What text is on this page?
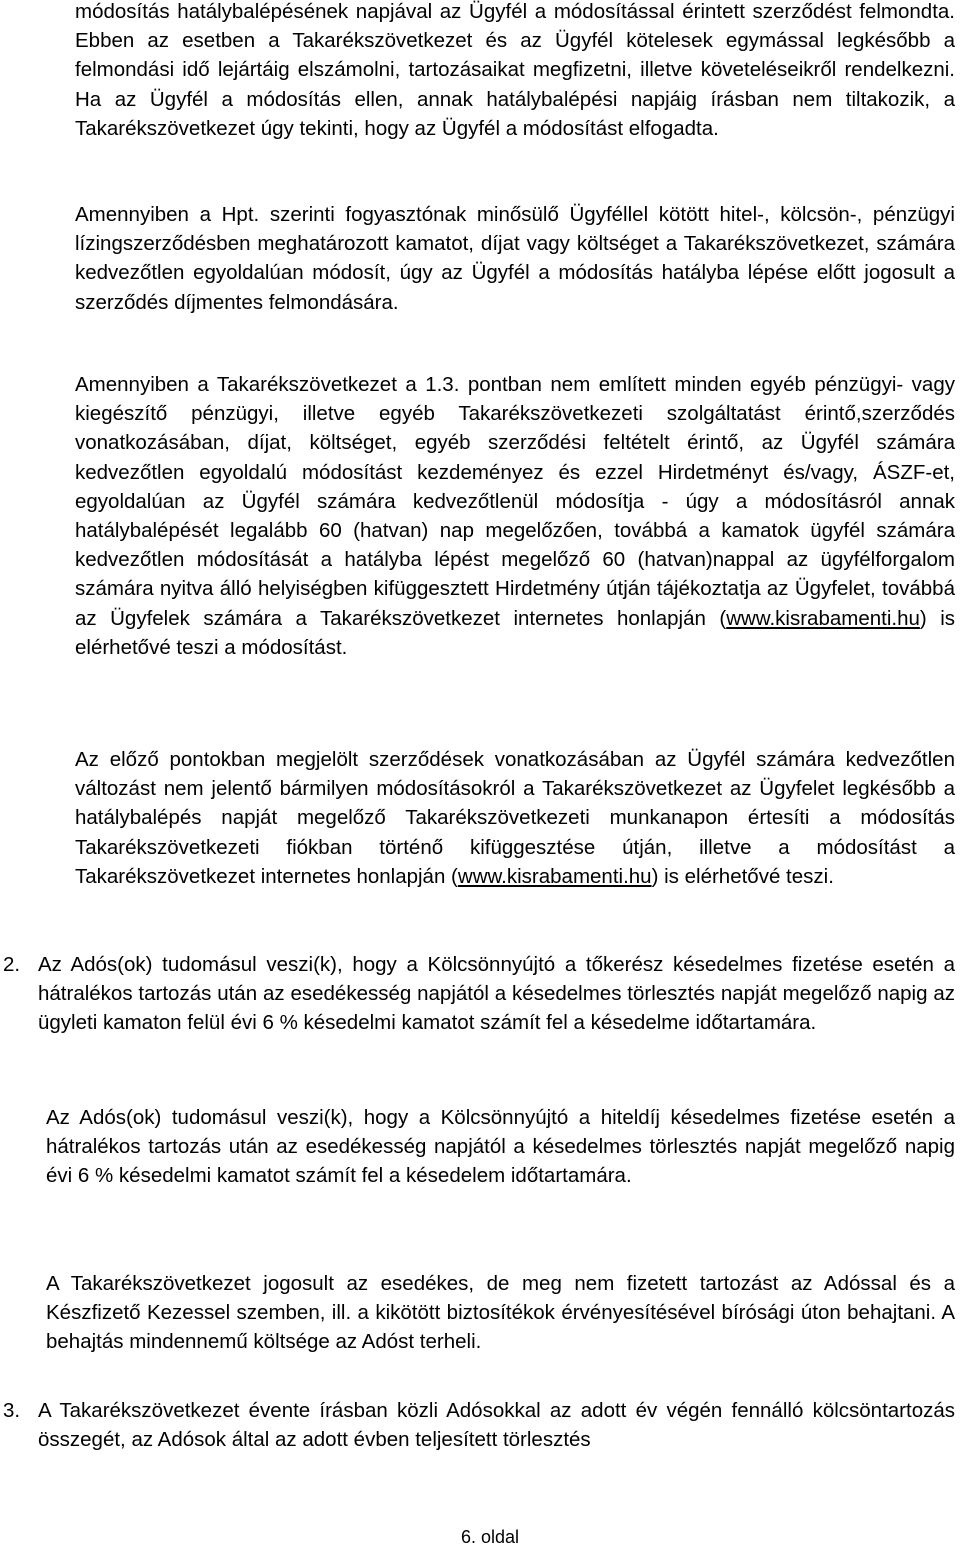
módosítás hatálybalépésének napjával az Ügyfél a módosítással érintett szerződést felmondta. Ebben az esetben a Takarékszövetkezet és az Ügyfél kötelesek egymással legkésőbb a felmondási idő lejártáig elszámolni, tartozásaikat megfizetni, illetve követeléseikről rendelkezni. Ha az Ügyfél a módosítás ellen, annak hatálybalépési napjáig írásban nem tiltakozik, a Takarékszövetkezet úgy tekinti, hogy az Ügyfél a módosítást elfogadta.

Amennyiben a Hpt. szerinti fogyasztónak minősülő Ügyféllel kötött hitel-, kölcsön-, pénzügyi lízingszerződésben meghatározott kamatot, díjat vagy költséget a Takarékszövetkezet, számára kedvezőtlen egyoldalúan módosít, úgy az Ügyfél a módosítás hatályba lépése előtt jogosult a szerződés díjmentes felmondására.

Amennyiben a Takarékszövetkezet a 1.3. pontban nem említett minden egyéb pénzügyi- vagy kiegészítő pénzügyi, illetve egyéb Takarékszövetkezeti szolgáltatást érintő,szerződés vonatkozásában, díjat, költséget, egyéb szerződési feltételt érintő, az Ügyfél számára kedvezőtlen egyoldalú módosítást kezdeményez és ezzel Hirdetményt és/vagy, ÁSZF-et, egyoldalúan az Ügyfél számára kedvezőtlenül módosítja - úgy a módosításról annak hatálybalépését legalább 60 (hatvan) nap megelőzően, továbbá a kamatok ügyfél számára kedvezőtlen módosítását a hatályba lépést megelőző 60 (hatvan)nappal az ügyfélforgalom számára nyitva álló helyiségben kifüggesztett Hirdetmény útján tájékoztatja az Ügyfelet, továbbá az Ügyfelek számára a Takarékszövetkezet internetes honlapján (www.kisrabamenti.hu) is elérhetővé teszi a módosítást.

Az előző pontokban megjelölt szerződések vonatkozásában az Ügyfél számára kedvezőtlen változást nem jelentő bármilyen módosításokról a Takarékszövetkezet az Ügyfelet legkésőbb a hatálybalépés napját megelőző Takarékszövetkezeti munkanapon értesíti a módosítás Takarékszövetkezeti fiókban történő kifüggesztése útján, illetve a módosítást a Takarékszövetkezet internetes honlapján (www.kisrabamenti.hu) is elérhetővé teszi.

2. Az Adós(ok) tudomásul veszi(k), hogy a Kölcsönnyújtó a tőkerész késedelmes fizetése esetén a hátralékos tartozás után az esedékesség napjától a késedelmes törlesztés napját megelőző napig az ügyleti kamaton felül évi 6 % késedelmi kamatot számít fel a késedelme időtartamára.

Az Adós(ok) tudomásul veszi(k), hogy a Kölcsönnyújtó a hiteldíj késedelmes fizetése esetén a hátralékos tartozás után az esedékesség napjától a késedelmes törlesztés napját megelőző napig évi 6 % késedelmi kamatot számít fel a késedelem időtartamára.

A Takarékszövetkezet jogosult az esedékes, de meg nem fizetett tartozást az Adóssal és a Készfizető Kezessel szemben, ill. a kikötött biztosítékok érvényesítésével bírósági úton behajtani. A behajtás mindennemű költsége az Adóst terheli.

3. A Takarékszövetkezet évente írásban közli Adósokkal az adott év végén fennálló kölcsöntartozás összegét, az Adósok által az adott évben teljesített törlesztés

6. oldal
